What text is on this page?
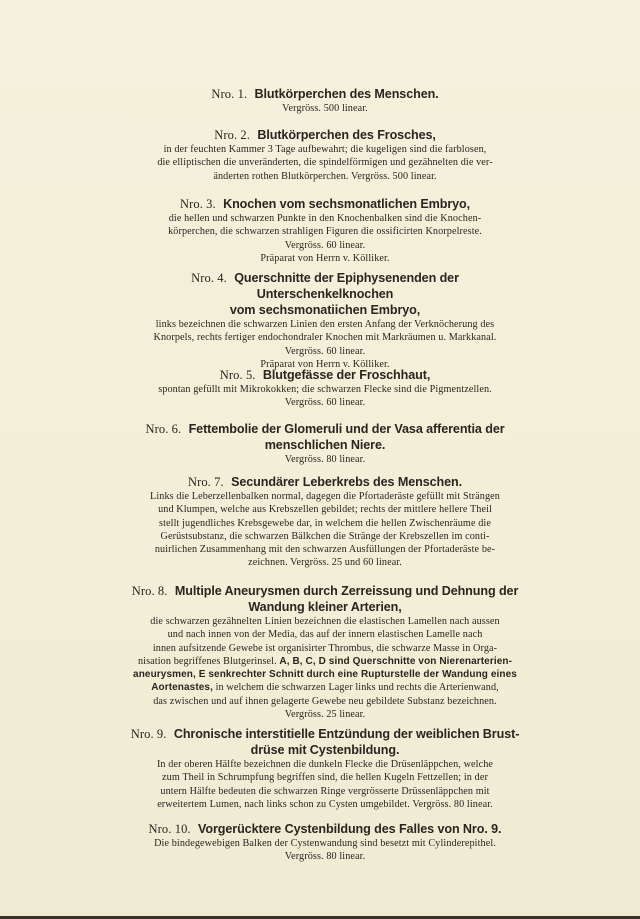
Nro. 1. Blutkörperchen des Menschen.
Vergröss. 500 linear.
Nro. 2. Blutkörperchen des Frosches,
in der feuchten Kammer 3 Tage aufbewahrt; die kugeligen sind die farblosen,
die elliptischen die unveränderten, die spindelförmigen und gezähnelten die ver-
änderten rothen Blutkörperchen. Vergröss. 500 linear.
Nro. 3. Knochen vom sechsmonatlichen Embryo,
die hellen und schwarzen Punkte in den Knochenbalken sind die Knochen-
körperchen, die schwarzen strahligen Figuren die ossificirten Knorpelreste.
Vergröss. 60 linear.
Präparat von Herrn v. Kölliker.
Nro. 4. Querschnitte der Epiphysenenden der Unterschenkelknochen
vom sechsmonatiichen Embryo,
links bezeichnen die schwarzen Linien den ersten Anfang der Verknöcherung des
Knorpels, rechts fertiger endochondraler Knochen mit Markräumen u. Markkanal.
Vergröss. 60 linear.
Präparat von Herrn v. Kölliker.
Nro. 5. Blutgefässe der Froschhaut,
spontan gefüllt mit Mikrokokken; die schwarzen Flecke sind die Pigmentzellen.
Vergröss. 60 linear.
Nro. 6. Fettembolie der Glomeruli und der Vasa afferentia der
menschlichen Niere.
Vergröss. 80 linear.
Nro. 7. Secundärer Leberkrebs des Menschen.
Links die Leberzellenbalken normal, dagegen die Pfortaderäste gefüllt mit Strängen
und Klumpen, welche aus Krebszellen gebildet; rechts der mittlere hellere Theil
stellt jugendliches Krebsgewebe dar, in welchem die hellen Zwischenräume die
Gerüstsubstanz, die schwarzen Bälkchen die Stränge der Krebszellen im conti-
nuirlichen Zusammenhang mit den schwarzen Ausfüllungen der Pfortaderäste be-
zeichnen. Vergröss. 25 und 60 linear.
Nro. 8. Multiple Aneurysmen durch Zerreissung und Dehnung der
Wandung kleiner Arterien,
die schwarzen gezähnelten Linien bezeichnen die elastischen Lamellen nach aussen
und nach innen von der Media, das auf der innern elastischen Lamelle nach
innen aufsitzende Gewebe ist organisirter Thrombus, die schwarze Masse in Orga-
nisation begriffenes Blutgerinsel. A, B, C, D sind Querschnitte von Nierenarterien-
aneurysmen, E senkrechter Schnitt durch eine Rupturstelle der Wandung eines
Aortenastes, in welchem die schwarzen Lager links und rechts die Arterienwand,
das zwischen und auf ihnen gelagerte Gewebe neu gebildete Substanz bezeichnen.
Vergröss. 25 linear.
Nro. 9. Chronische interstitielle Entzündung der weiblichen Brust-
drüse mit Cystenbildung.
In der oberen Hälfte bezeichnen die dunkeln Flecke die Drüsenläppchen, welche
zum Theil in Schrumpfung begriffen sind, die hellen Kugeln Fettzellen; in der
untern Hälfte bedeuten die schwarzen Ringe vergrösserte Drüssenläppchen mit
erweitertem Lumen, nach links schon zu Cysten umgebildet. Vergröss. 80 linear.
Nro. 10. Vorgerücktere Cystenbildung des Falles von Nro. 9.
Die bindegewebigen Balken der Cystenwandung sind besetzt mit Cylinderepithel.
Vergröss. 80 linear.
